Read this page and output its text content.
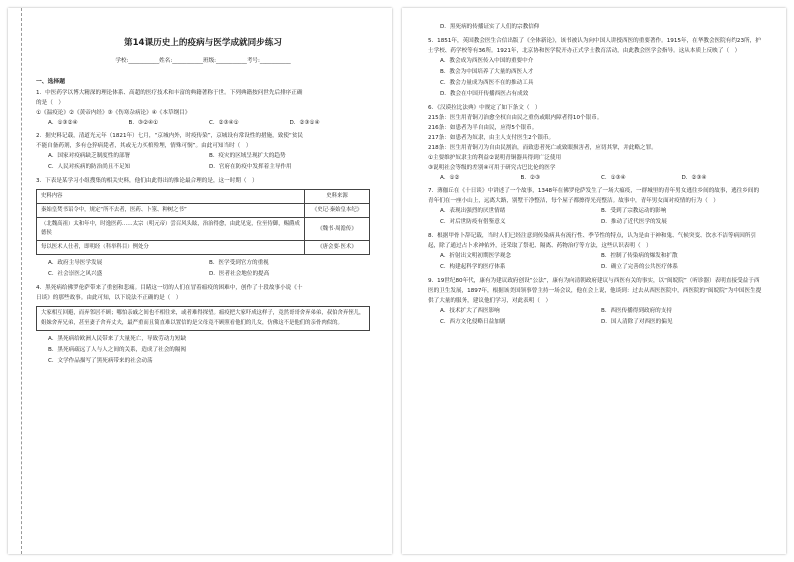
第14课历史上的疫病与医学成就同步练习
学校:___________姓名:___________班级:___________考号:___________
一、选择题

1．中医药学以博大精深的理论体系、高超的医疗技术和丰富的典籍著称于世。下列典籍按问世先后排序正确

的是（　）

①《温疫论》②《黄帝内经》③《伤寒杂病论》④《本草纲目》

A．①③②④	B．③②④①	C．②③④①	D．②③①④

2．据史料记载，清道光元年（1821年）七月，“京城内外，时疫传染”，京城设有常设性的措施，致使“贫民

不能自备药剂，多有仓猝病毙者，其或无力买棺殓埋，情殊可悯”。由此可知当时（　）

A．国家对疫病缺乏制度性的部署	B．疫灾的区域呈现扩大的趋势
C．人民对疾病的防治尚且不足知	D．官府在防疫中发挥着主导作用

3．下表是某学习小组搜集的相关史料，他们由此得出的推论最合理的是，这一时期（　）

史料内容	史料来源
秦始皇焚书诏令中，规定“所不去者，医药、卜筮、种树之书”	《史记·秦始皇本纪》
（北魏高祖）太和年中，时逸医药……太宗（明元帝）尝召风头眩，治治得愈，由此见宠，位至侍御，赐爵成德侯	《魏书·周澹传》
每以医术人仕者，即明经（科举科目）例处分	《唐会要·医术》
A．政府主导医学发展	B．医学受到官方的重视
C．社会崇医之风兴盛	D．医者社会地位的提高

4．黑死病给佛罗伦萨带来了重创和悲痛。目睹这一切的人们在冒着瘟疫的困难中，创作了十段故事小说《十

日谈》的那些故事。由此可知，以下说法不正确的是（　）

大家相互回避，而弃邻居不顾；哪怕亲戚之间也不相往来，或者难得探望。瘟疫把大家吓成这样子，竟然哥哥舍弃弟弟，叔伯舍弃侄儿，姐妹舍弃兄弟，甚至妻子舍弃丈夫，最严重而且简直难以置信的是父母竟不顾照看他们的儿女，仿佛这不是他们的亲骨肉似的。
A．黑死病给欧洲人民带来了大量死亡，导致劳动力短缺
B．黑死病疏远了人与人之间的关系，造成了社会的隔阂
C．文学作品描写了黑死病带来的社会动荡
D．黑死病的传播证实了人们的宗教信仰

5．1851年，英国教会医生合信出版了《全体新论》，该书被认为向中国人讲授西医的重要著作。1915年，在华教会医院有约23所，护士学校、药学校等有36所。1921年，北京协和医学院开办正式学士教育活动，由此教会医学会指导。这从本质上反映了（　）

A．教会成为西医传入中国的重要中介
B．教会为中国培养了大量的西医人才
C．教会力量成为西医不在的推动工具
D．教会在中国开传播西医占有成效

6．《汉谟拉比法典》中规定了如下条文（　）

215条：医生用青铜刀治愈全权自由民之重伤或眼内障者得10个银币。

216条：如患者为半自由民，应得5个银币。

217条：如患者为奴隶，由主人支付医生2个银币。

218条：医生用青铜刀为自由民割治，而致患者死亡或致眼损害者，应切其掌，并此略之罪。

①主要维护奴隶主的利益②说明青铜器具得到广泛使用

③说明社会等级的差别④可用于研究古巴比伦的医学

A．①②	B．②③	C．①③④	D．②③④

7．薄伽丘在《十日谈》中讲述了一个故事，1348年在佛罗伦萨发生了一场大瘟疫，一群城里的青年男女逃往乡间的故事，逃往乡间的青年们在一座小山上，远离大路，别墅干净整洁，每个屋子都擦得光亮整洁。故事中，青年男女面对疫情的行为（　）

A．表现出强烈的厌世情绪	B．受到了宗教运动的影响
C．对后世防疫有借鉴意义	D．推动了近代医学的发展

8．根据甲骨卜辞记载，当时人们已经注意到传染病具有流行性、季节性的特点，认为是由于神和鬼、气候突变、饮水不洁等病因所引起，除了通过占卜求神佑外，还采取了祭祀、隔离、药物治疗等方法，这些认识表明（　）

A．折射出文明初期医学观念	B．控制了传染病的爆发和扩散
C．构建起科学的医疗体系	D．确立了完善的公共医疗体系

9．19世纪80年代，康有为建议政府创设“公法”，康有为向清朝政府建议与西医有关的事实，以“闽皖院”（听诊器）表明直接受益于西医的卫生发展，1897年，根据该美国领事曾主持一场会议，他在会上说，他谈到：过去从西医医院中，西医院的“闽皖院”为中国医生提供了大量的服务，建议他们学习，对此表明（　）

A．技术扩大了西医影响	B．西医传播得到政府的支持
C．西方文化侵略日益加剧	D．国人清除了对西医的偏见
